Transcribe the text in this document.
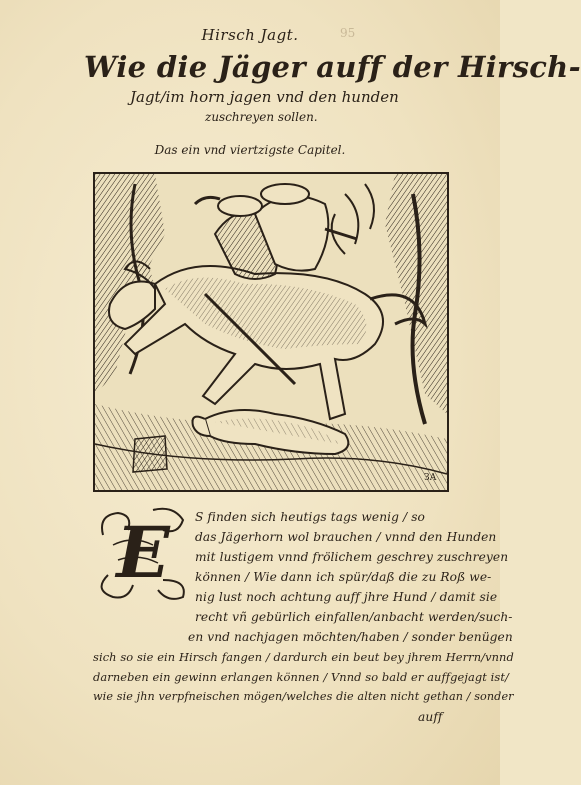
95
Hirsch Jagt.
Wie die Jäger auff der Hirsch-
Jagt/im horn jagen vnd den hunden
zuschreyen sollen.
Das ein vnd viertzigste Capitel.
ЗА
E S finden sich heutigs tags wenig / so
das Jägerhorn wol brauchen / vnnd den Hunden
mit lustigem vnnd frölichem geschrey zuschreyen
können / Wie dann ich spür/daß die zu Roß we-
nig lust noch achtung auff jhre Hund / damit sie
recht vñ gebürlich einfallen/anbacht werden/such-
en vnd nachjagen möchten/haben / sonder benügen
sich so sie ein Hirsch fangen / dardurch ein beut bey jhrem Herrn/vnnd
darneben ein gewinn erlangen können / Vnnd so bald er auffgejagt ist/
wie sie jhn verpfneischen mögen/welches die alten nicht gethan / sonder
auff
